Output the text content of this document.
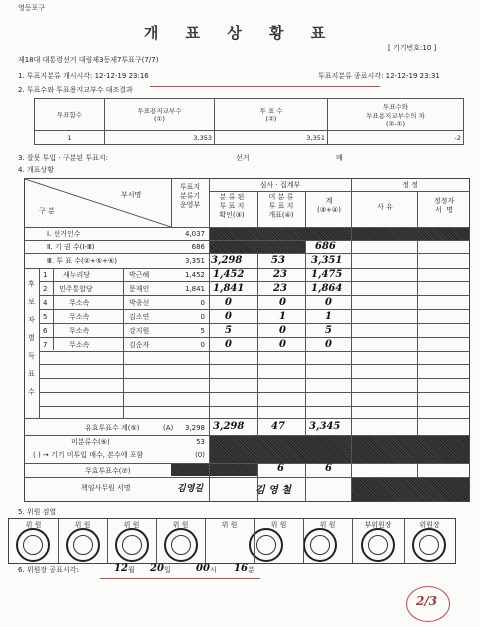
영등포구
개 표 상 황 표
[ 기기번호:10 ]
제18대 대통령선거 대림제3동제7투표구(7/7)
1. 투표지분류 개시시각: 12-12-19 23:16	투표지분류 종료시각: 12-12-19 23:31
2. 투표수와 투표용지교부수 대조결과
투표함수	투표용지교부수
(①)	투 표 수
(②)	투표수와
투표용지교부수의 차
(②-①)
1	3,353	3,351	-2
3. 잘못 투입 · 구분된 투표지:	선거	매
4. 개표상황
부서명
구 분
투표지
분류기
운영부
심사 · 집계부
분 류 된
투 표 지
확인(③)
미 분 류
투 표 지
개표(④)
계
(③+④)
정 정
사 유
정정자
서  명
Ⅰ. 선거인수	4,037
Ⅱ. 기 권 수(Ⅰ-Ⅲ)	686	686
Ⅲ. 투 표 수(②+⑤+⑥)	3,351 3,298	53	3,351
후보자별득표수
1 새누리당	박근혜	1,452 1,452	23 1,475
2 민주통합당	문재인	1,841 1,841	23 1,864
4	무소속	박종선	0 0	0	0
5	무소속	김소연	0 0	1	1
6	무소속	강지원	5 5	0	5
7	무소속	김순자	0 0	0	0
유효투표수 계(⑤)	(A)	3,298 3,298	47 3,345
미분류수(⑥)	53
( ) → 기기 미투입 매수, 본수에 포함	(0)
무효투표수(⑦)	6	6
책임사무원 서명	김영길	김 영 철
5. 위원 검열
위 원	위 원	위 원	위 원	위 원	위 원	위 원	부위원장	위원장
6. 위원장 공표시각:	12 월 20 일	00 시 16 분
2/3
